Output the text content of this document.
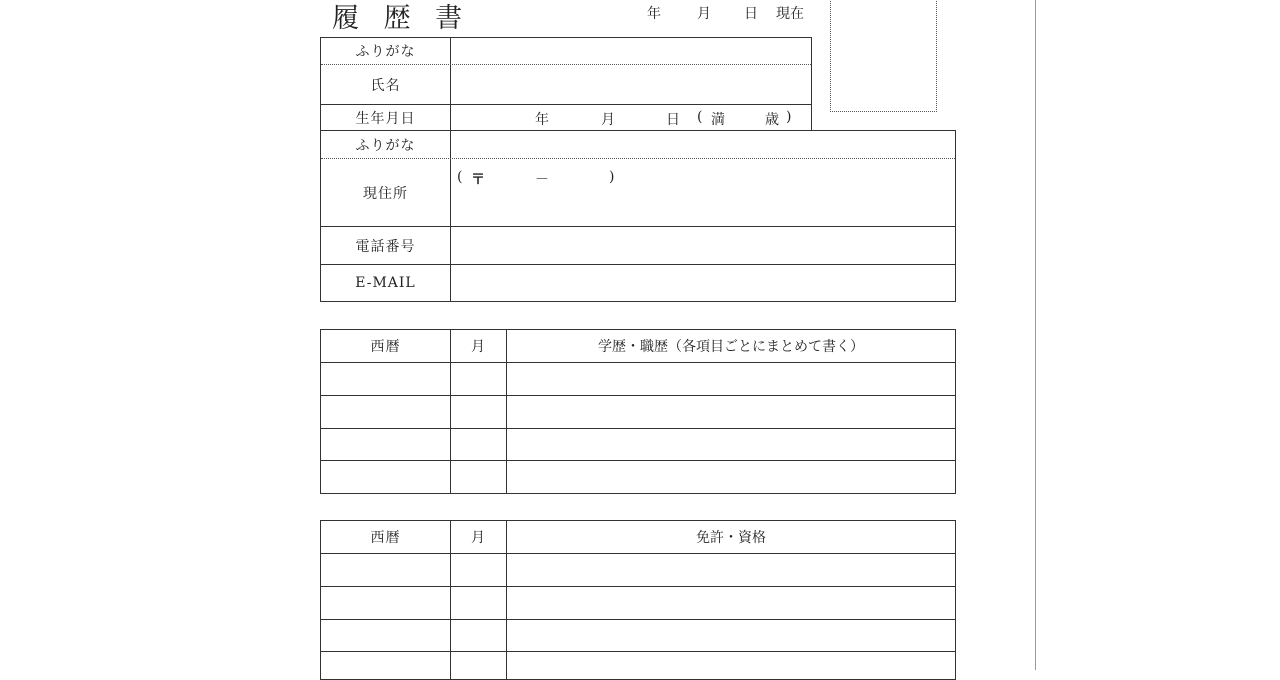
履 歴 書	年	月 日 現在
ふりがな
氏名
生年月日	年	月	日 ( 満	歳 )
ふりがな
現住所
( 〒	－	)
電話番号
E-MAIL
西暦	月	学歴・職歴（各項目ごとにまとめて書く）
西暦	月	免許・資格
